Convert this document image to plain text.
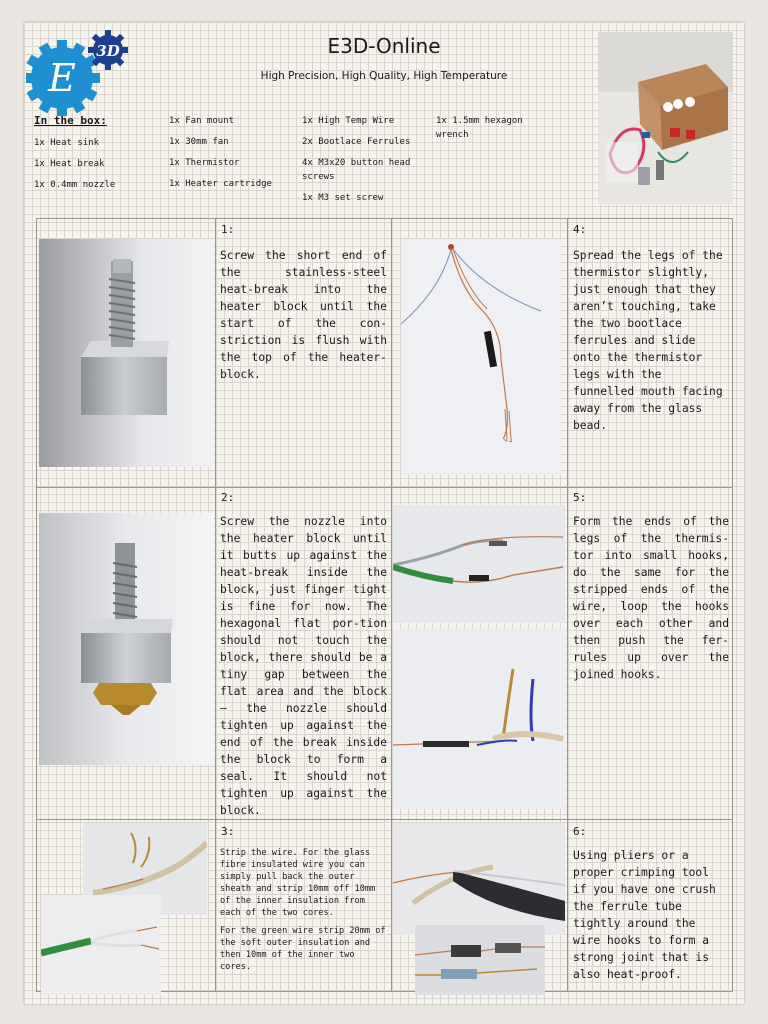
E
3D	E3D-Online
High Precision, High Quality, High Temperature
In the box:
1x Heat sink
1x Heat break
1x 0.4mm nozzle
1x Fan mount
1x 30mm fan
1x Thermistor
1x Heater cartridge
1x High Temp Wire
2x Bootlace Ferrules
4x M3x20 button head screws
1x M3 set screw
1x 1.5mm hexagon wrench
1:
Screw the short end of the stainless-steel heat-break into the heater block until the start of the con-striction is flush with the top of the heater-block.
4:
Spread the legs of the thermistor slightly, just enough that they aren’t touching, take the two bootlace ferrules and slide onto the thermistor legs with the funnelled mouth facing away from the glass bead.
2:
Screw the nozzle into the heater block until it butts up against the heat-break inside the block, just finger tight is fine for now. The hexagonal flat por-tion should not touch the block, there should be a tiny gap between the flat area and the block – the nozzle should tighten up against the end of the break inside the block to form a seal. It should not tighten up against the block.
5:
Form the ends of the legs of the thermis-tor into small hooks, do the same for the stripped ends of the wire, loop the hooks over each other and then push the fer-rules up over the joined hooks.
3:

Strip the wire. For the glass fibre insulated wire you can simply pull back the outer sheath and strip 10mm off 10mm of the inner insulation from each of the two cores.

For the green wire strip 20mm of the soft outer insulation and then 10mm of the inner two cores.

6:
Using pliers or a proper crimping tool if you have one crush the ferrule tube tightly around the wire hooks to form a strong joint that is also heat-proof.
